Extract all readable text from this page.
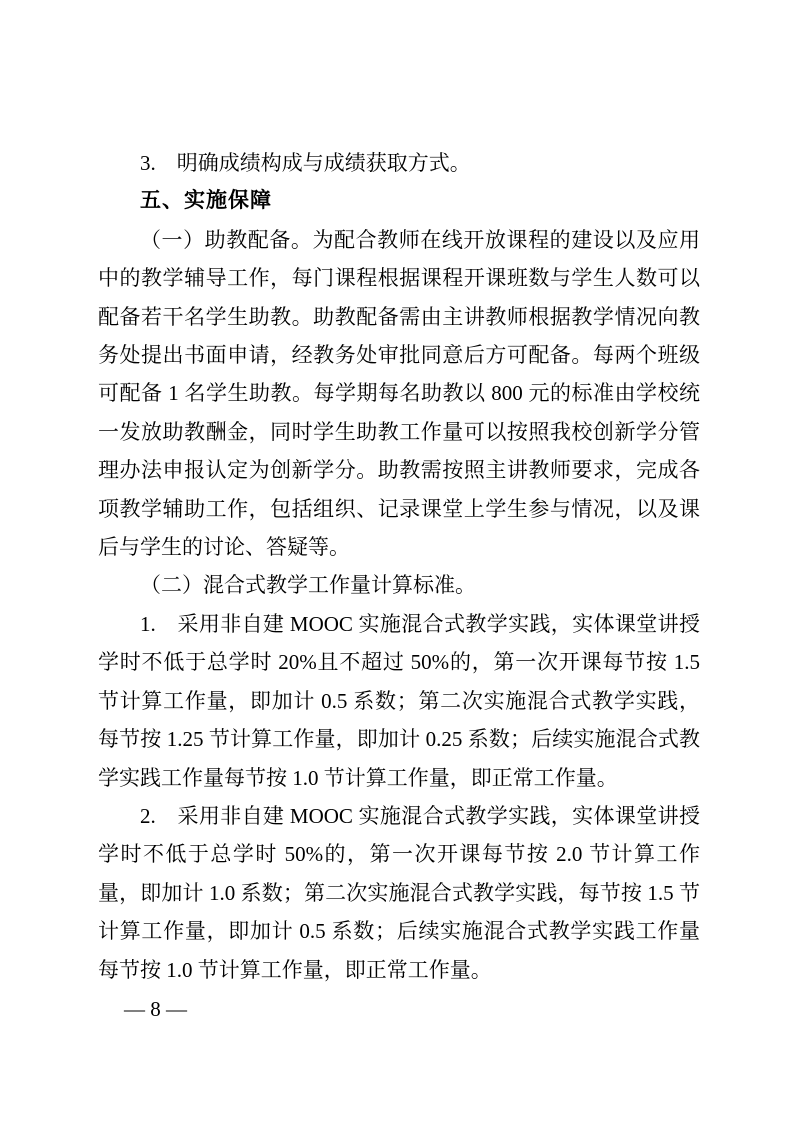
3.　明确成绩构成与成绩获取方式。

五、实施保障

（一）助教配备。为配合教师在线开放课程的建设以及应用中的教学辅导工作，每门课程根据课程开课班数与学生人数可以配备若干名学生助教。助教配备需由主讲教师根据教学情况向教务处提出书面申请，经教务处审批同意后方可配备。每两个班级可配备 1 名学生助教。每学期每名助教以 800 元的标准由学校统一发放助教酬金，同时学生助教工作量可以按照我校创新学分管理办法申报认定为创新学分。助教需按照主讲教师要求，完成各项教学辅助工作，包括组织、记录课堂上学生参与情况，以及课后与学生的讨论、答疑等。

（二）混合式教学工作量计算标准。

1.　采用非自建 MOOC 实施混合式教学实践，实体课堂讲授学时不低于总学时 20%且不超过 50%的，第一次开课每节按 1.5 节计算工作量，即加计 0.5 系数；第二次实施混合式教学实践，每节按 1.25 节计算工作量，即加计 0.25 系数；后续实施混合式教学实践工作量每节按 1.0 节计算工作量，即正常工作量。

2.　采用非自建 MOOC 实施混合式教学实践，实体课堂讲授学时不低于总学时 50%的，第一次开课每节按 2.0 节计算工作量，即加计 1.0 系数；第二次实施混合式教学实践，每节按 1.5 节计算工作量，即加计 0.5 系数；后续实施混合式教学实践工作量每节按 1.0 节计算工作量，即正常工作量。

— 8 —
